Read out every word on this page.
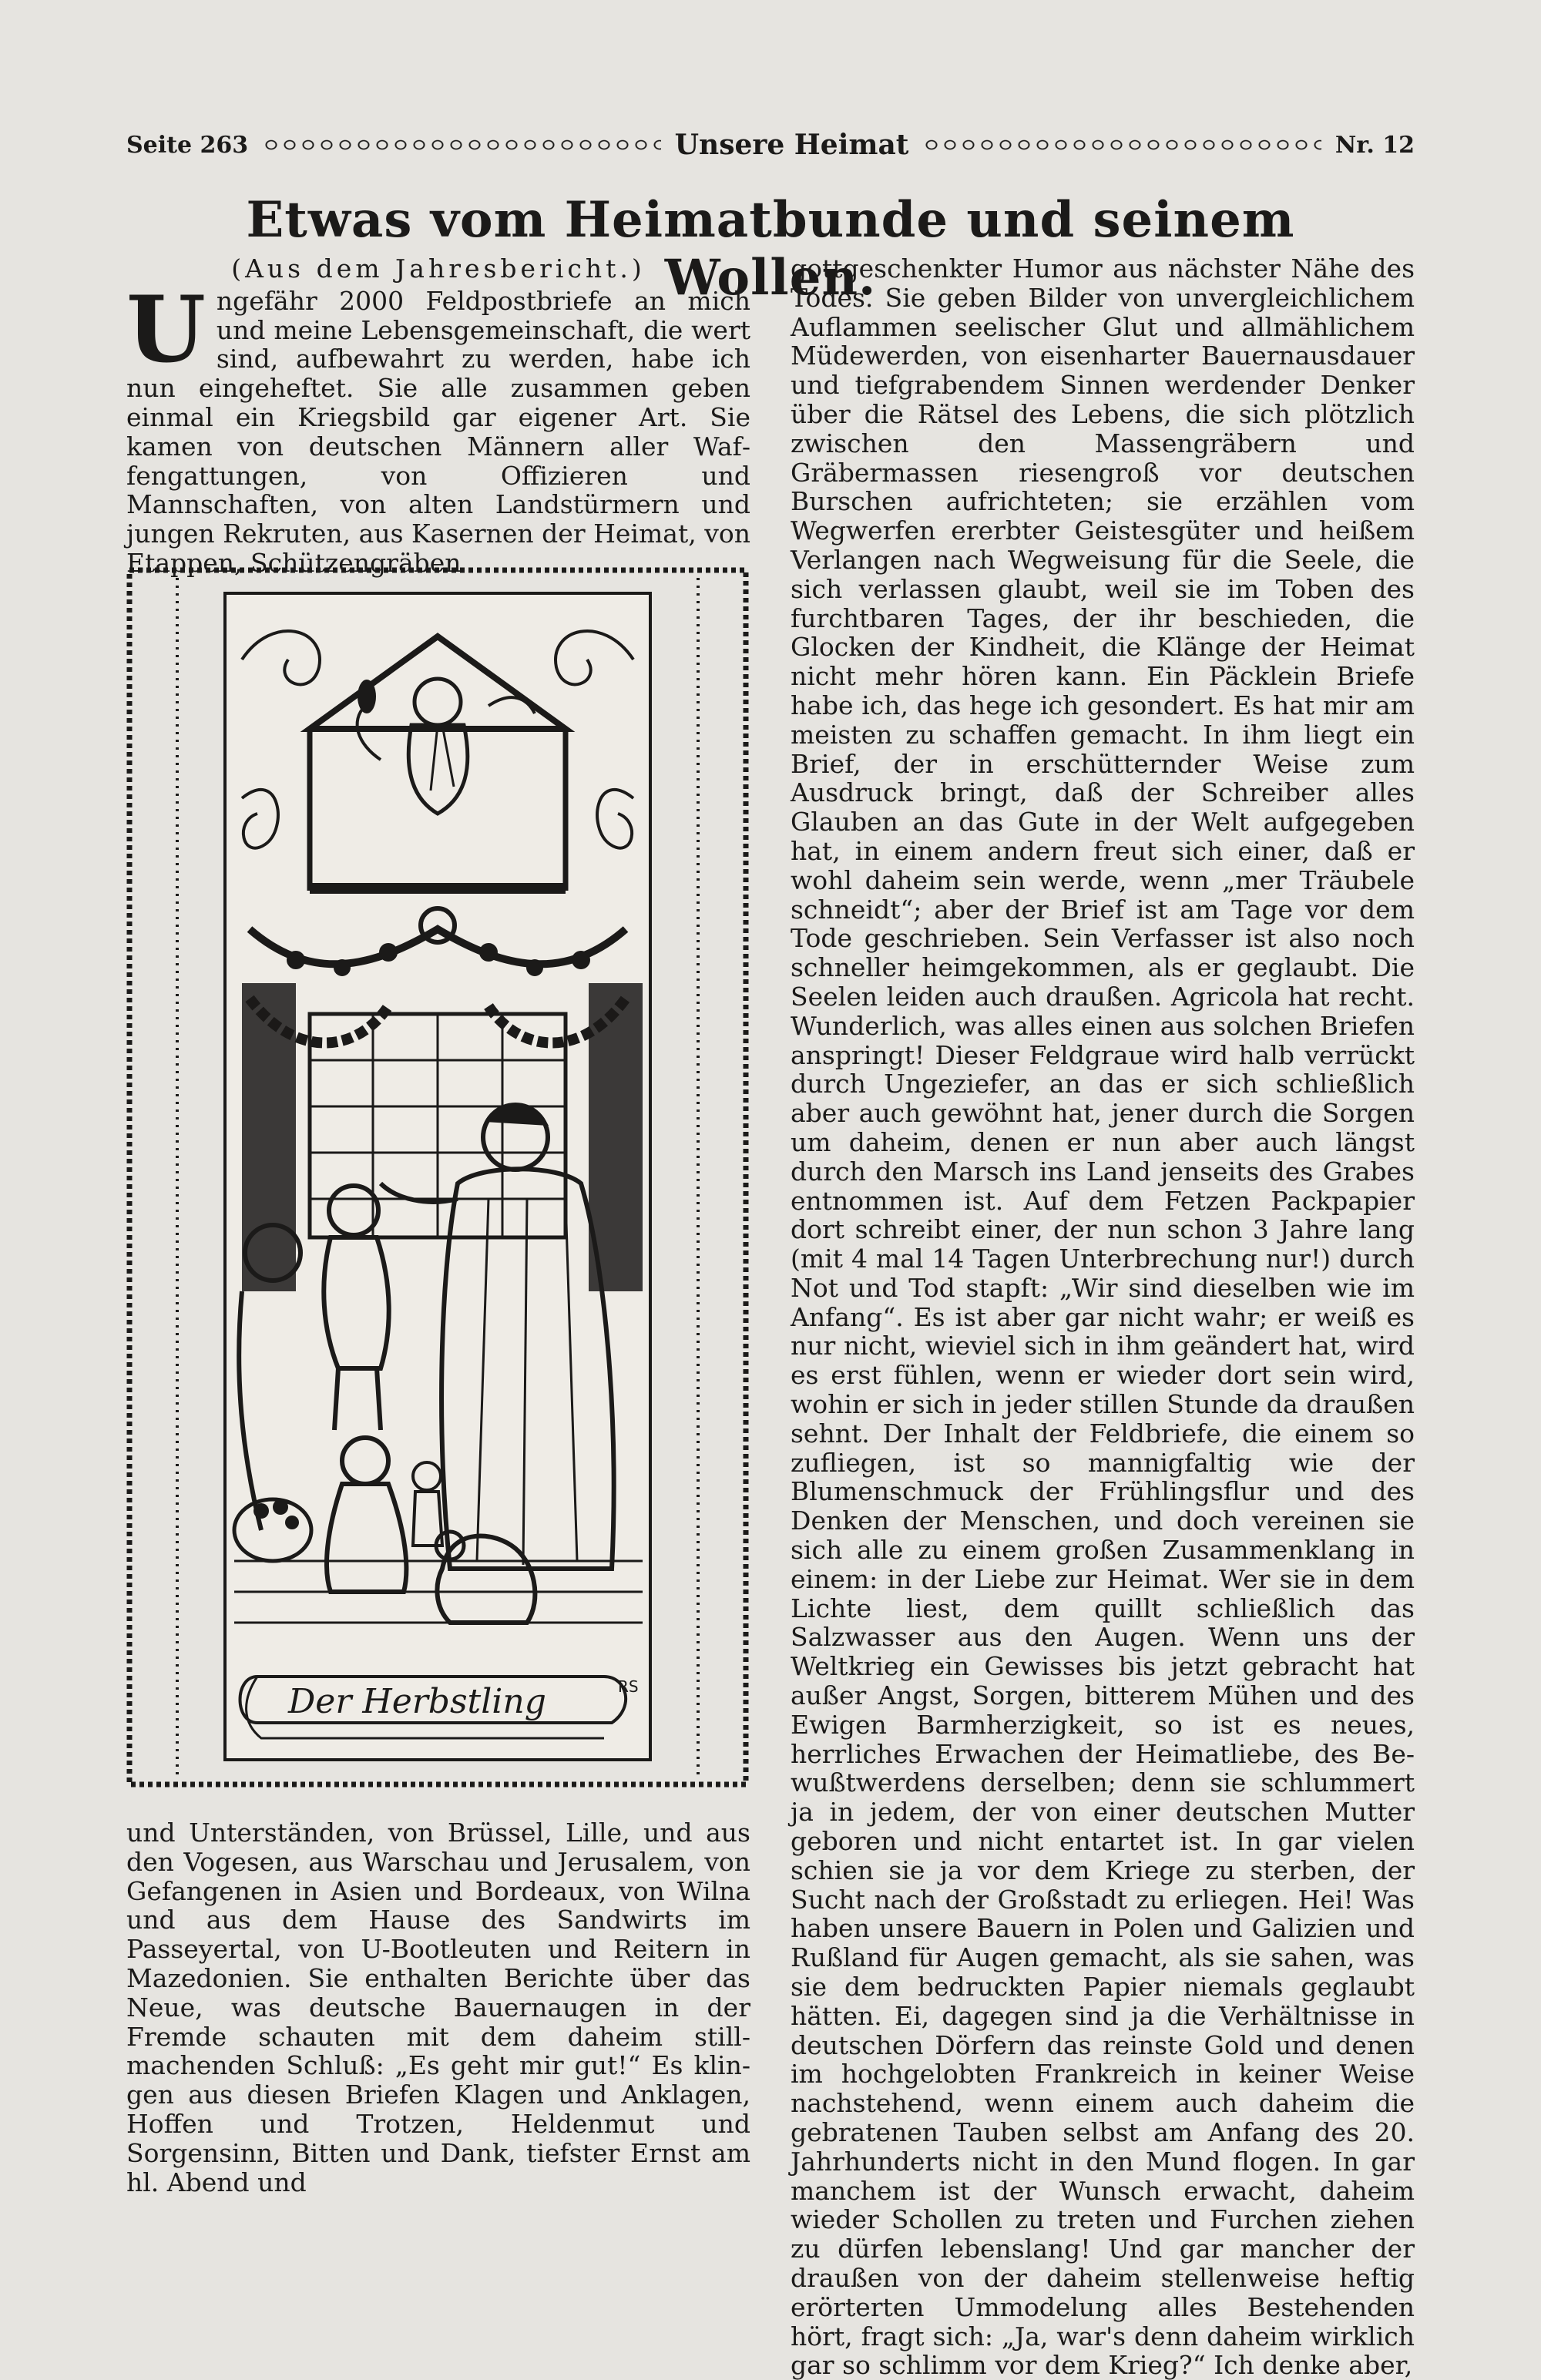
Seite 263	Unsere Heimat	Nr. 12
Etwas vom Heimatbunde und seinem Wollen.

(Aus dem Jahresbericht.)

Ungefähr 2000 Feldpostbriefe an mich und meine Lebensgemeinschaft, die wert sind, aufbewahrt zu werden, habe ich nun eingeheftet. Sie alle zusammen geben einmal ein Kriegsbild gar eigener Art. Sie kamen von deutschen Männern aller Waffengattungen, von Offizieren und Mannschaften, von alten Landstürmern und jungen Rekruten, aus Kasernen der Heimat, von Etappen, Schützengräben

Der Herbstling	RS

und Unterständen, von Brüssel, Lille, und aus den Vogesen, aus Warschau und Jerusalem, von Gefangenen in Asien und Bordeaux, von Wilna und aus dem Hause des Sandwirts im Passeyertal, von U-Bootleuten und Reitern in Mazedonien. Sie enthalten Berichte über das Neue, was deutsche Bauernaugen in der Fremde schauten mit dem daheim stillmachenden Schluß: „Es geht mir gut!“ Es klingen aus diesen Briefen Klagen und Anklagen, Hoffen und Trotzen, Heldenmut und Sorgensinn, Bitten und Dank, tiefster Ernst am hl. Abend und

gottgeschenkter Humor aus nächster Nähe des Todes. Sie geben Bilder von unvergleichlichem Auflammen seelischer Glut und allmählichem Müdewerden, von eisenharter Bauernausdauer und tiefgrabendem Sinnen werdender Denker über die Rätsel des Lebens, die sich plötzlich zwischen den Massengräbern und Gräbermassen riesengroß vor deutschen Burschen aufrichteten; sie erzählen vom Wegwerfen ererbter Geistesgüter und heißem Verlangen nach Wegweisung für die Seele, die sich verlassen glaubt, weil sie im Toben des furchtbaren Tages, der ihr beschieden, die Glocken der Kindheit, die Klänge der Heimat nicht mehr hören kann. Ein Päcklein Briefe habe ich, das hege ich gesondert. Es hat mir am meisten zu schaffen gemacht. In ihm liegt ein Brief, der in erschütternder Weise zum Ausdruck bringt, daß der Schreiber alles Glauben an das Gute in der Welt aufgegeben hat, in einem andern freut sich einer, daß er wohl daheim sein werde, wenn „mer Träubele schneidt“; aber der Brief ist am Tage vor dem Tode geschrieben. Sein Verfasser ist also noch schneller heimgekommen, als er geglaubt. Die Seelen leiden auch draußen. Agricola hat recht. Wunderlich, was alles einen aus solchen Briefen anspringt! Dieser Feldgraue wird halb verrückt durch Ungeziefer, an das er sich schließlich aber auch gewöhnt hat, jener durch die Sorgen um daheim, denen er nun aber auch längst durch den Marsch ins Land jenseits des Grabes entnommen ist. Auf dem Fetzen Packpapier dort schreibt einer, der nun schon 3 Jahre lang (mit 4 mal 14 Tagen Unterbrechung nur!) durch Not und Tod stapft: „Wir sind dieselben wie im Anfang“. Es ist aber gar nicht wahr; er weiß es nur nicht, wieviel sich in ihm geändert hat, wird es erst fühlen, wenn er wieder dort sein wird, wohin er sich in jeder stillen Stunde da draußen sehnt. Der Inhalt der Feldbriefe, die einem so zufliegen, ist so mannigfaltig wie der Blumenschmuck der Frühlingsflur und des Denken der Menschen, und doch vereinen sie sich alle zu einem großen Zusammenklang in einem: in der Liebe zur Heimat. Wer sie in dem Lichte liest, dem quillt schließlich das Salzwasser aus den Augen. Wenn uns der Weltkrieg ein Gewisses bis jetzt gebracht hat außer Angst, Sorgen, bitterem Mühen und des Ewigen Barmherzigkeit, so ist es neues, herrliches Erwachen der Heimatliebe, des Bewußtwerdens derselben; denn sie schlummert ja in jedem, der von einer deutschen Mutter geboren und nicht entartet ist. In gar vielen schien sie ja vor dem Kriege zu sterben, der Sucht nach der Großstadt zu erliegen. Hei! Was haben unsere Bauern in Polen und Galizien und Rußland für Augen gemacht, als sie sahen, was sie dem bedruckten Papier niemals geglaubt hätten. Ei, dagegen sind ja die Verhältnisse in deutschen Dörfern das reinste Gold und denen im hochgelobten Frankreich in keiner Weise nachstehend, wenn einem auch daheim die gebratenen Tauben selbst am Anfang des 20. Jahrhunderts nicht in den Mund flogen. In gar manchem ist der Wunsch erwacht, daheim wieder Schollen zu treten und Furchen ziehen zu dürfen lebenslang! Und gar mancher der draußen von der daheim stellenweise heftig erörterten Ummodelung alles Bestehenden hört, fragt sich: „Ja, war's denn daheim wirklich gar so schlimm vor dem Krieg?“ Ich denke aber,
